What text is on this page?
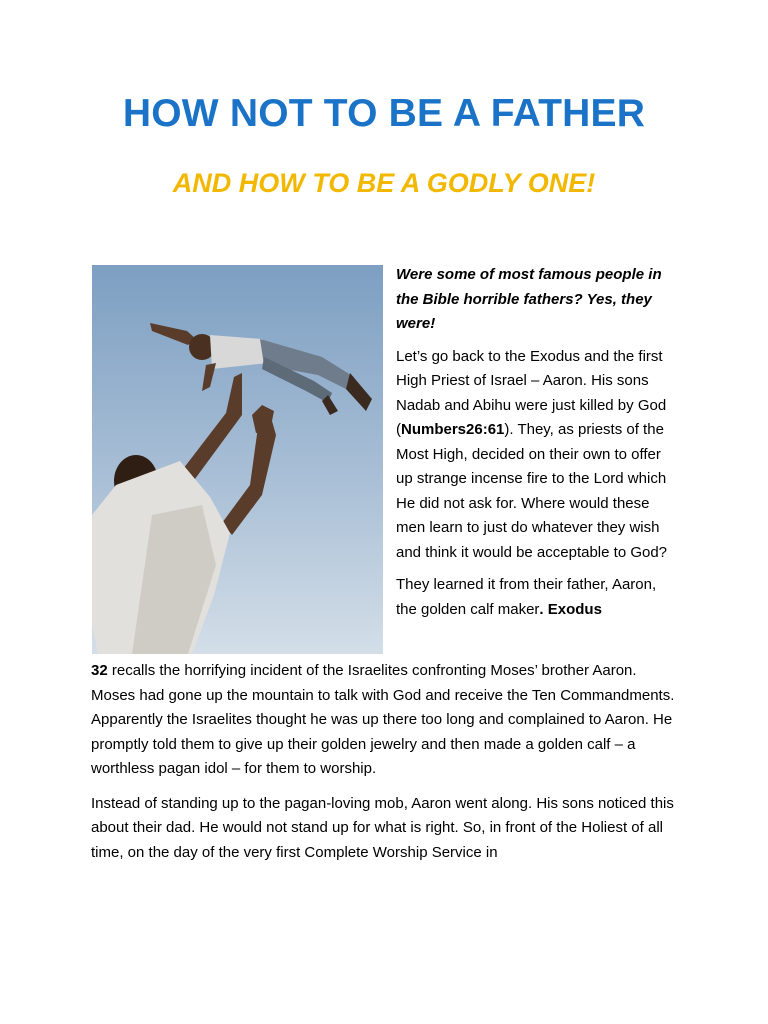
HOW NOT TO BE A FATHER
AND HOW TO BE A GODLY ONE!

Were some of most famous people in the Bible horrible fathers? Yes, they were!

Let’s go back to the Exodus and the first High Priest of Israel – Aaron. His sons Nadab and Abihu were just killed by God (Numbers26:61). They, as priests of the Most High, decided on their own to offer up strange incense fire to the Lord which He did not ask for. Where would these men learn to just do whatever they wish and think it would be acceptable to God?

They learned it from their father, Aaron, the golden calf maker. Exodus

32 recalls the horrifying incident of the Israelites confronting Moses’ brother Aaron. Moses had gone up the mountain to talk with God and receive the Ten Commandments. Apparently the Israelites thought he was up there too long and complained to Aaron. He promptly told them to give up their golden jewelry and then made a golden calf – a worthless pagan idol – for them to worship.

Instead of standing up to the pagan-loving mob, Aaron went along. His sons noticed this about their dad. He would not stand up for what is right. So, in front of the Holiest of all time, on the day of the very first Complete Worship Service in
